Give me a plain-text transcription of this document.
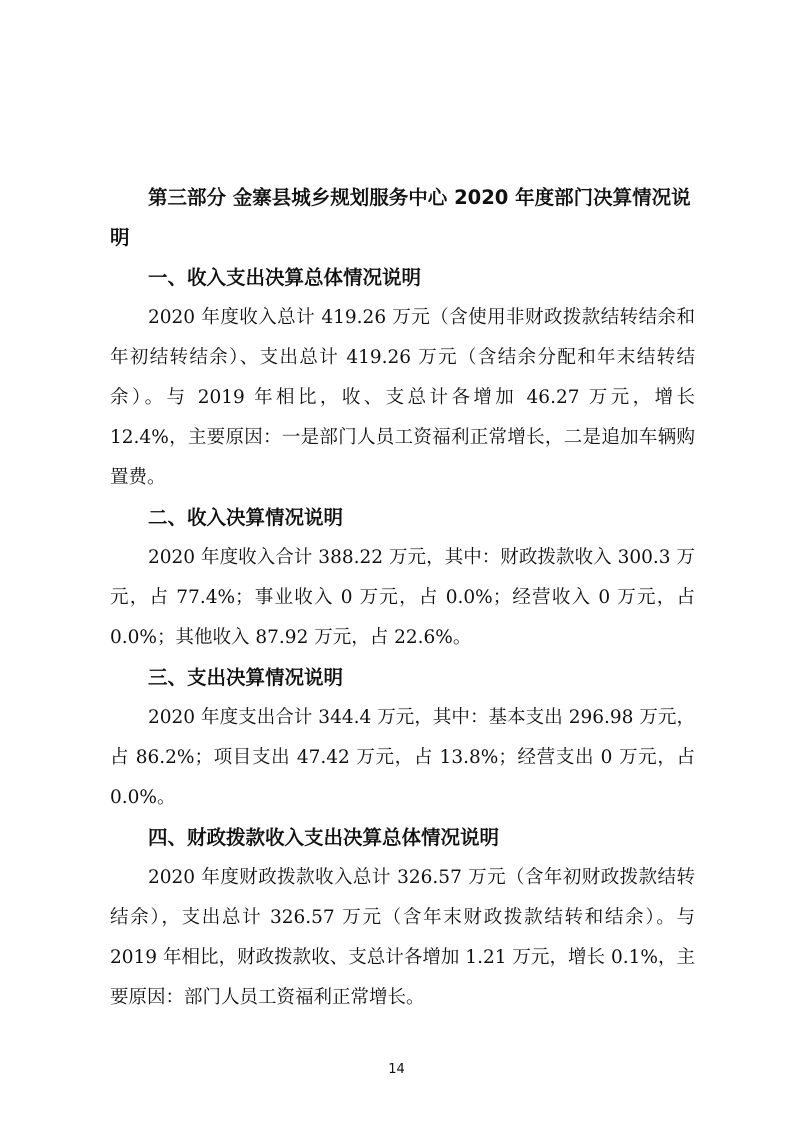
第三部分 金寨县城乡规划服务中心 2020 年度部门决算情况说明
一、收入支出决算总体情况说明
2020 年度收入总计 419.26 万元（含使用非财政拨款结转结余和年初结转结余）、支出总计 419.26 万元（含结余分配和年末结转结余）。与 2019 年相比，收、支总计各增加 46.27 万元，增长 12.4%，主要原因：一是部门人员工资福利正常增长，二是追加车辆购置费。
二、收入决算情况说明
2020 年度收入合计 388.22 万元，其中：财政拨款收入 300.3 万元，占 77.4%；事业收入 0 万元，占 0.0%；经营收入 0 万元，占 0.0%；其他收入 87.92 万元，占 22.6%。
三、支出决算情况说明
2020 年度支出合计 344.4 万元，其中：基本支出 296.98 万元，占 86.2%；项目支出 47.42 万元，占 13.8%；经营支出 0 万元，占 0.0%。
四、财政拨款收入支出决算总体情况说明
2020 年度财政拨款收入总计 326.57 万元（含年初财政拨款结转结余），支出总计 326.57 万元（含年末财政拨款结转和结余）。与 2019 年相比，财政拨款收、支总计各增加 1.21 万元，增长 0.1%，主要原因：部门人员工资福利正常增长。
14
